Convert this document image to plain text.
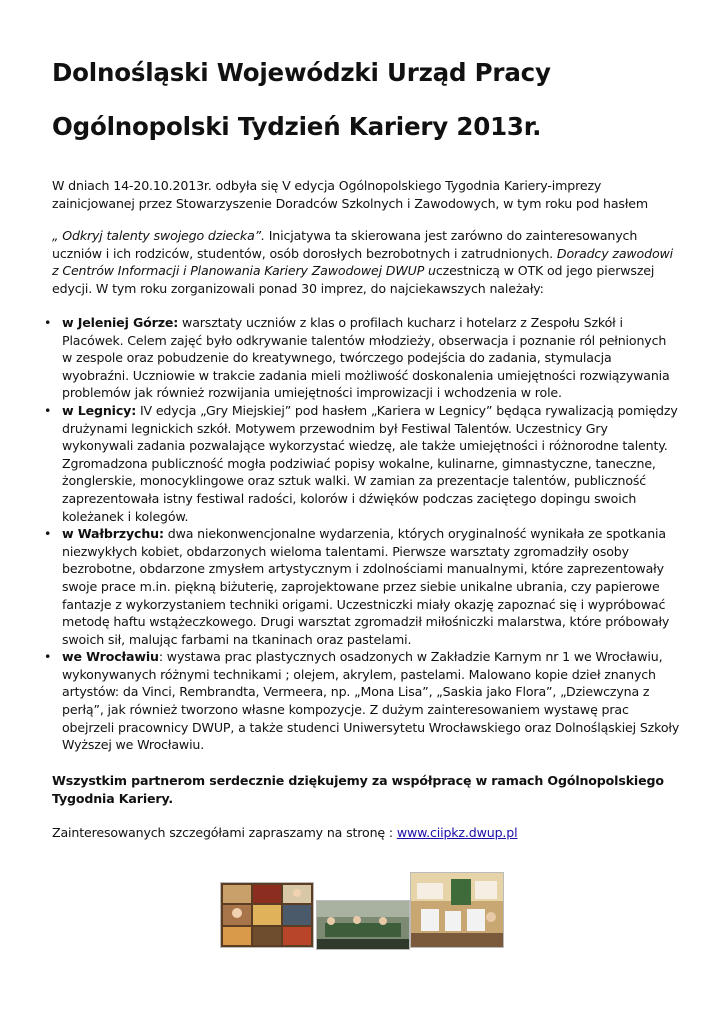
Dolnośląski Wojewódzki Urząd Pracy
Ogólnopolski Tydzień Kariery 2013r.

W dniach 14-20.10.2013r. odbyła się V edycja Ogólnopolskiego Tygodnia Kariery-imprezy zainicjowanej przez Stowarzyszenie Doradców Szkolnych i Zawodowych, w tym roku pod hasłem

„ Odkryj talenty swojego dziecka”. Inicjatywa ta skierowana jest zarówno do zainteresowanych uczniów i ich rodziców, studentów, osób dorosłych bezrobotnych i zatrudnionych. Doradcy zawodowi z Centrów Informacji i Planowania Kariery Zawodowej DWUP uczestniczą w OTK od jego pierwszej edycji. W tym roku zorganizowali ponad 30 imprez, do najciekawszych należały:

• w Jeleniej Górze: warsztaty uczniów z klas o profilach kucharz i hotelarz z Zespołu Szkół i Placówek. Celem zajęć było odkrywanie talentów młodzieży, obserwacja i poznanie ról pełnionych w zespole oraz pobudzenie do kreatywnego, twórczego podejścia do zadania, stymulacja wyobraźni. Uczniowie w trakcie zadania mieli możliwość doskonalenia umiejętności rozwiązywania problemów jak również rozwijania umiejętności improwizacji i wchodzenia w role.
• w Legnicy: IV edycja „Gry Miejskiej” pod hasłem „Kariera w Legnicy” będąca rywalizacją pomiędzy drużynami legnickich szkół. Motywem przewodnim był Festiwal Talentów. Uczestnicy Gry wykonywali zadania pozwalające wykorzystać wiedzę, ale także umiejętności i różnorodne talenty. Zgromadzona publiczność mogła podziwiać popisy wokalne, kulinarne, gimnastyczne, taneczne, żonglerskie, monocyklingowe oraz sztuk walki. W zamian za prezentacje talentów, publiczność zaprezentowała istny festiwal radości, kolorów i dźwięków podczas zaciętego dopingu swoich koleżanek i kolegów.
• w Wałbrzychu: dwa niekonwencjonalne wydarzenia, których oryginalność wynikała ze spotkania niezwykłych kobiet, obdarzonych wieloma talentami. Pierwsze warsztaty zgromadziły osoby bezrobotne, obdarzone zmysłem artystycznym i zdolnościami manualnymi, które zaprezentowały swoje prace m.in. piękną biżuterię, zaprojektowane przez siebie unikalne ubrania, czy papierowe fantazje z wykorzystaniem techniki origami. Uczestniczki miały okazję zapoznać się i wypróbować metodę haftu wstążeczkowego. Drugi warsztat zgromadził miłośniczki malarstwa, które próbowały swoich sił, malując farbami na tkaninach oraz pastelami.
• we Wrocławiu: wystawa prac plastycznych osadzonych w Zakładzie Karnym nr 1 we Wrocławiu, wykonywanych różnymi technikami ; olejem, akrylem, pastelami. Malowano kopie dzieł znanych artystów: da Vinci, Rembrandta, Vermeera, np. „Mona Lisa”, „Saskia jako Flora”, „Dziewczyna z perłą”, jak również tworzono własne kompozycje. Z dużym zainteresowaniem wystawę prac obejrzeli pracownicy DWUP, a także studenci Uniwersytetu Wrocławskiego oraz Dolnośląskiej Szkoły Wyższej we Wrocławiu.

Wszystkim partnerom serdecznie dziękujemy za współpracę w ramach Ogólnopolskiego Tygodnia Kariery.

Zainteresowanych szczegółami zapraszamy na stronę : www.ciipkz.dwup.pl
